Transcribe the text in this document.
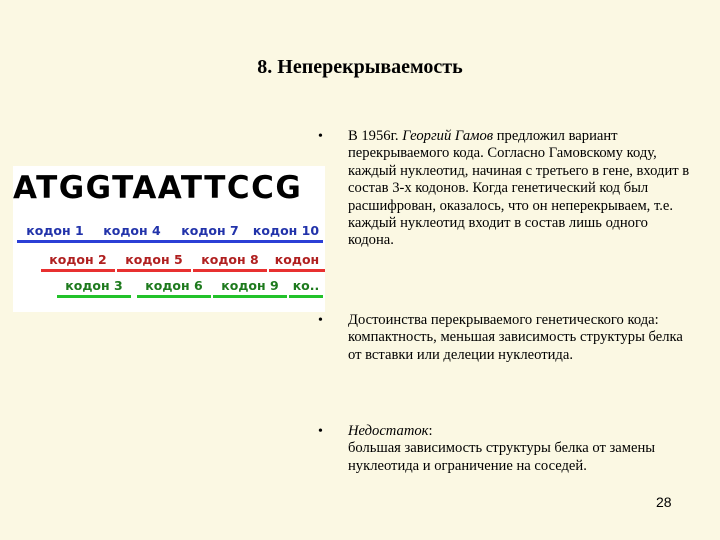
8. Неперекрываемость
ATGGTAATTCCG
кодон 1	кодон 4	кодон 7	кодон 10
кодон 2	кодон 5	кодон 8	кодон
кодон 3	кодон 6	кодон 9	ко..
• В 1956г. Георгий Гамов предложил вариант перекрываемого кода. Согласно Гамовскому коду, каждый нуклеотид, начиная с третьего в гене, входит в состав 3-х кодонов. Когда генетический код был расшифрован, оказалось, что он неперекрываем, т.е. каждый нуклеотид входит в состав лишь одного кодона.
• Достоинства перекрываемого генетического кода: компактность, меньшая зависимость структуры белка от вставки или делеции нуклеотида.
• Недостаток:
большая зависимость структуры белка от замены нуклеотида и ограничение на соседей.
28
